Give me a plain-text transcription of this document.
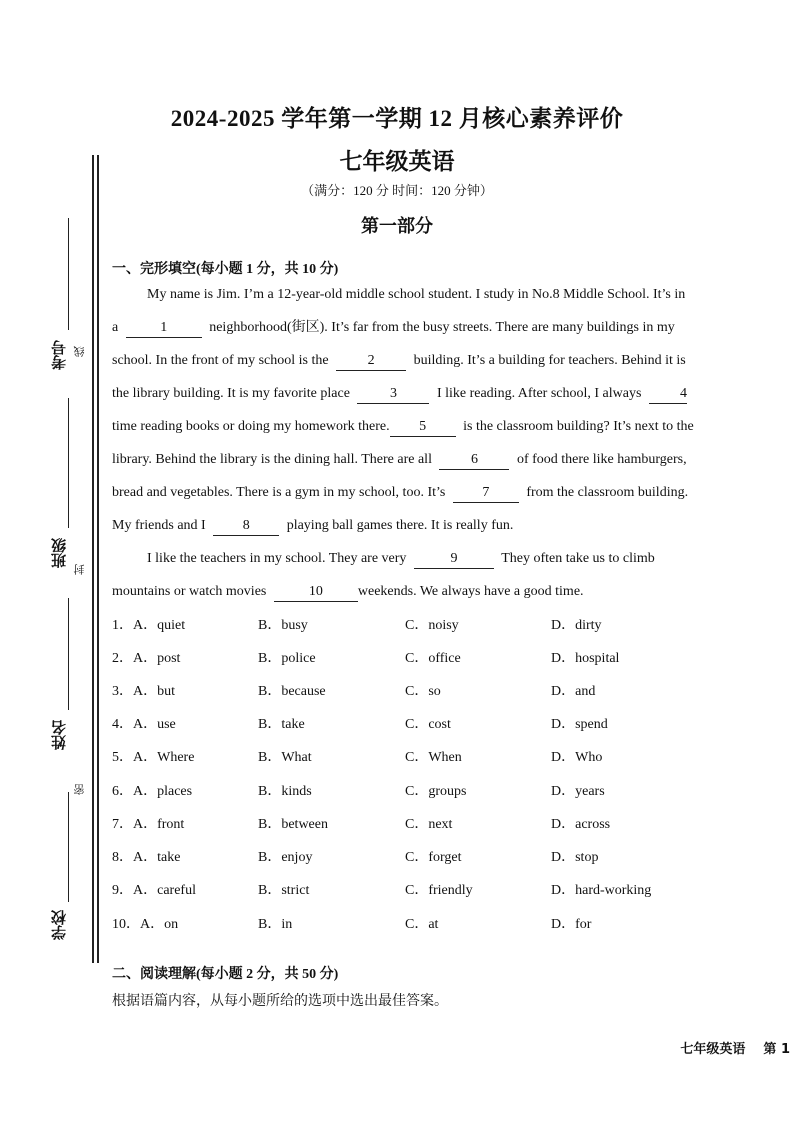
考号 线
班级
封
姓名
密
学校
2024-2025 学年第一学期 12 月核心素养评价
七年级英语
（满分：120 分 时间：120 分钟）
第一部分
一、完形填空(每小题 1 分，共 10 分)
My name is Jim. I’m a 12-year-old middle school student. I study in No.8 Middle School. It’s in
a	1	neighborhood(街区). It’s far from the busy streets. There are many buildings in my
school. In the front of my school is the	2	building. It’s a building for teachers. Behind it is
the library building. It is my favorite place	3	I like reading. After school, I always	4
time reading books or doing my homework there. 5	is the classroom building? It’s next to the
library. Behind the library is the dining hall. There are all	6	of food there like hamburgers,
bread and vegetables. There is a gym in my school, too. It’s	7	from the classroom building.
My friends and I	8	playing ball games there. It is really fun.
I like the teachers in my school. They are very	9	They often take us to climb
mountains or watch movies	10	weekends. We always have a good time.
1．A．quiet	B．busy	C．noisy	D．dirty
2．A．post	B．police	C．office	D．hospital
3．A．but	B．because	C．so	D．and
4．A．use	B．take	C．cost	D．spend
5．A．Where	B．What	C．When	D．Who
6．A．places	B．kinds	C．groups	D．years
7．A．front	B．between	C．next	D．across
8．A．take	B．enjoy	C．forget	D．stop
9．A．careful	B．strict	C．friendly	D．hard-working
10．A．on	B．in	C．at	D．for
二、阅读理解(每小题 2 分，共 50 分)
根据语篇内容，从每小题所给的选项中选出最佳答案。
七年级英语    第 1
